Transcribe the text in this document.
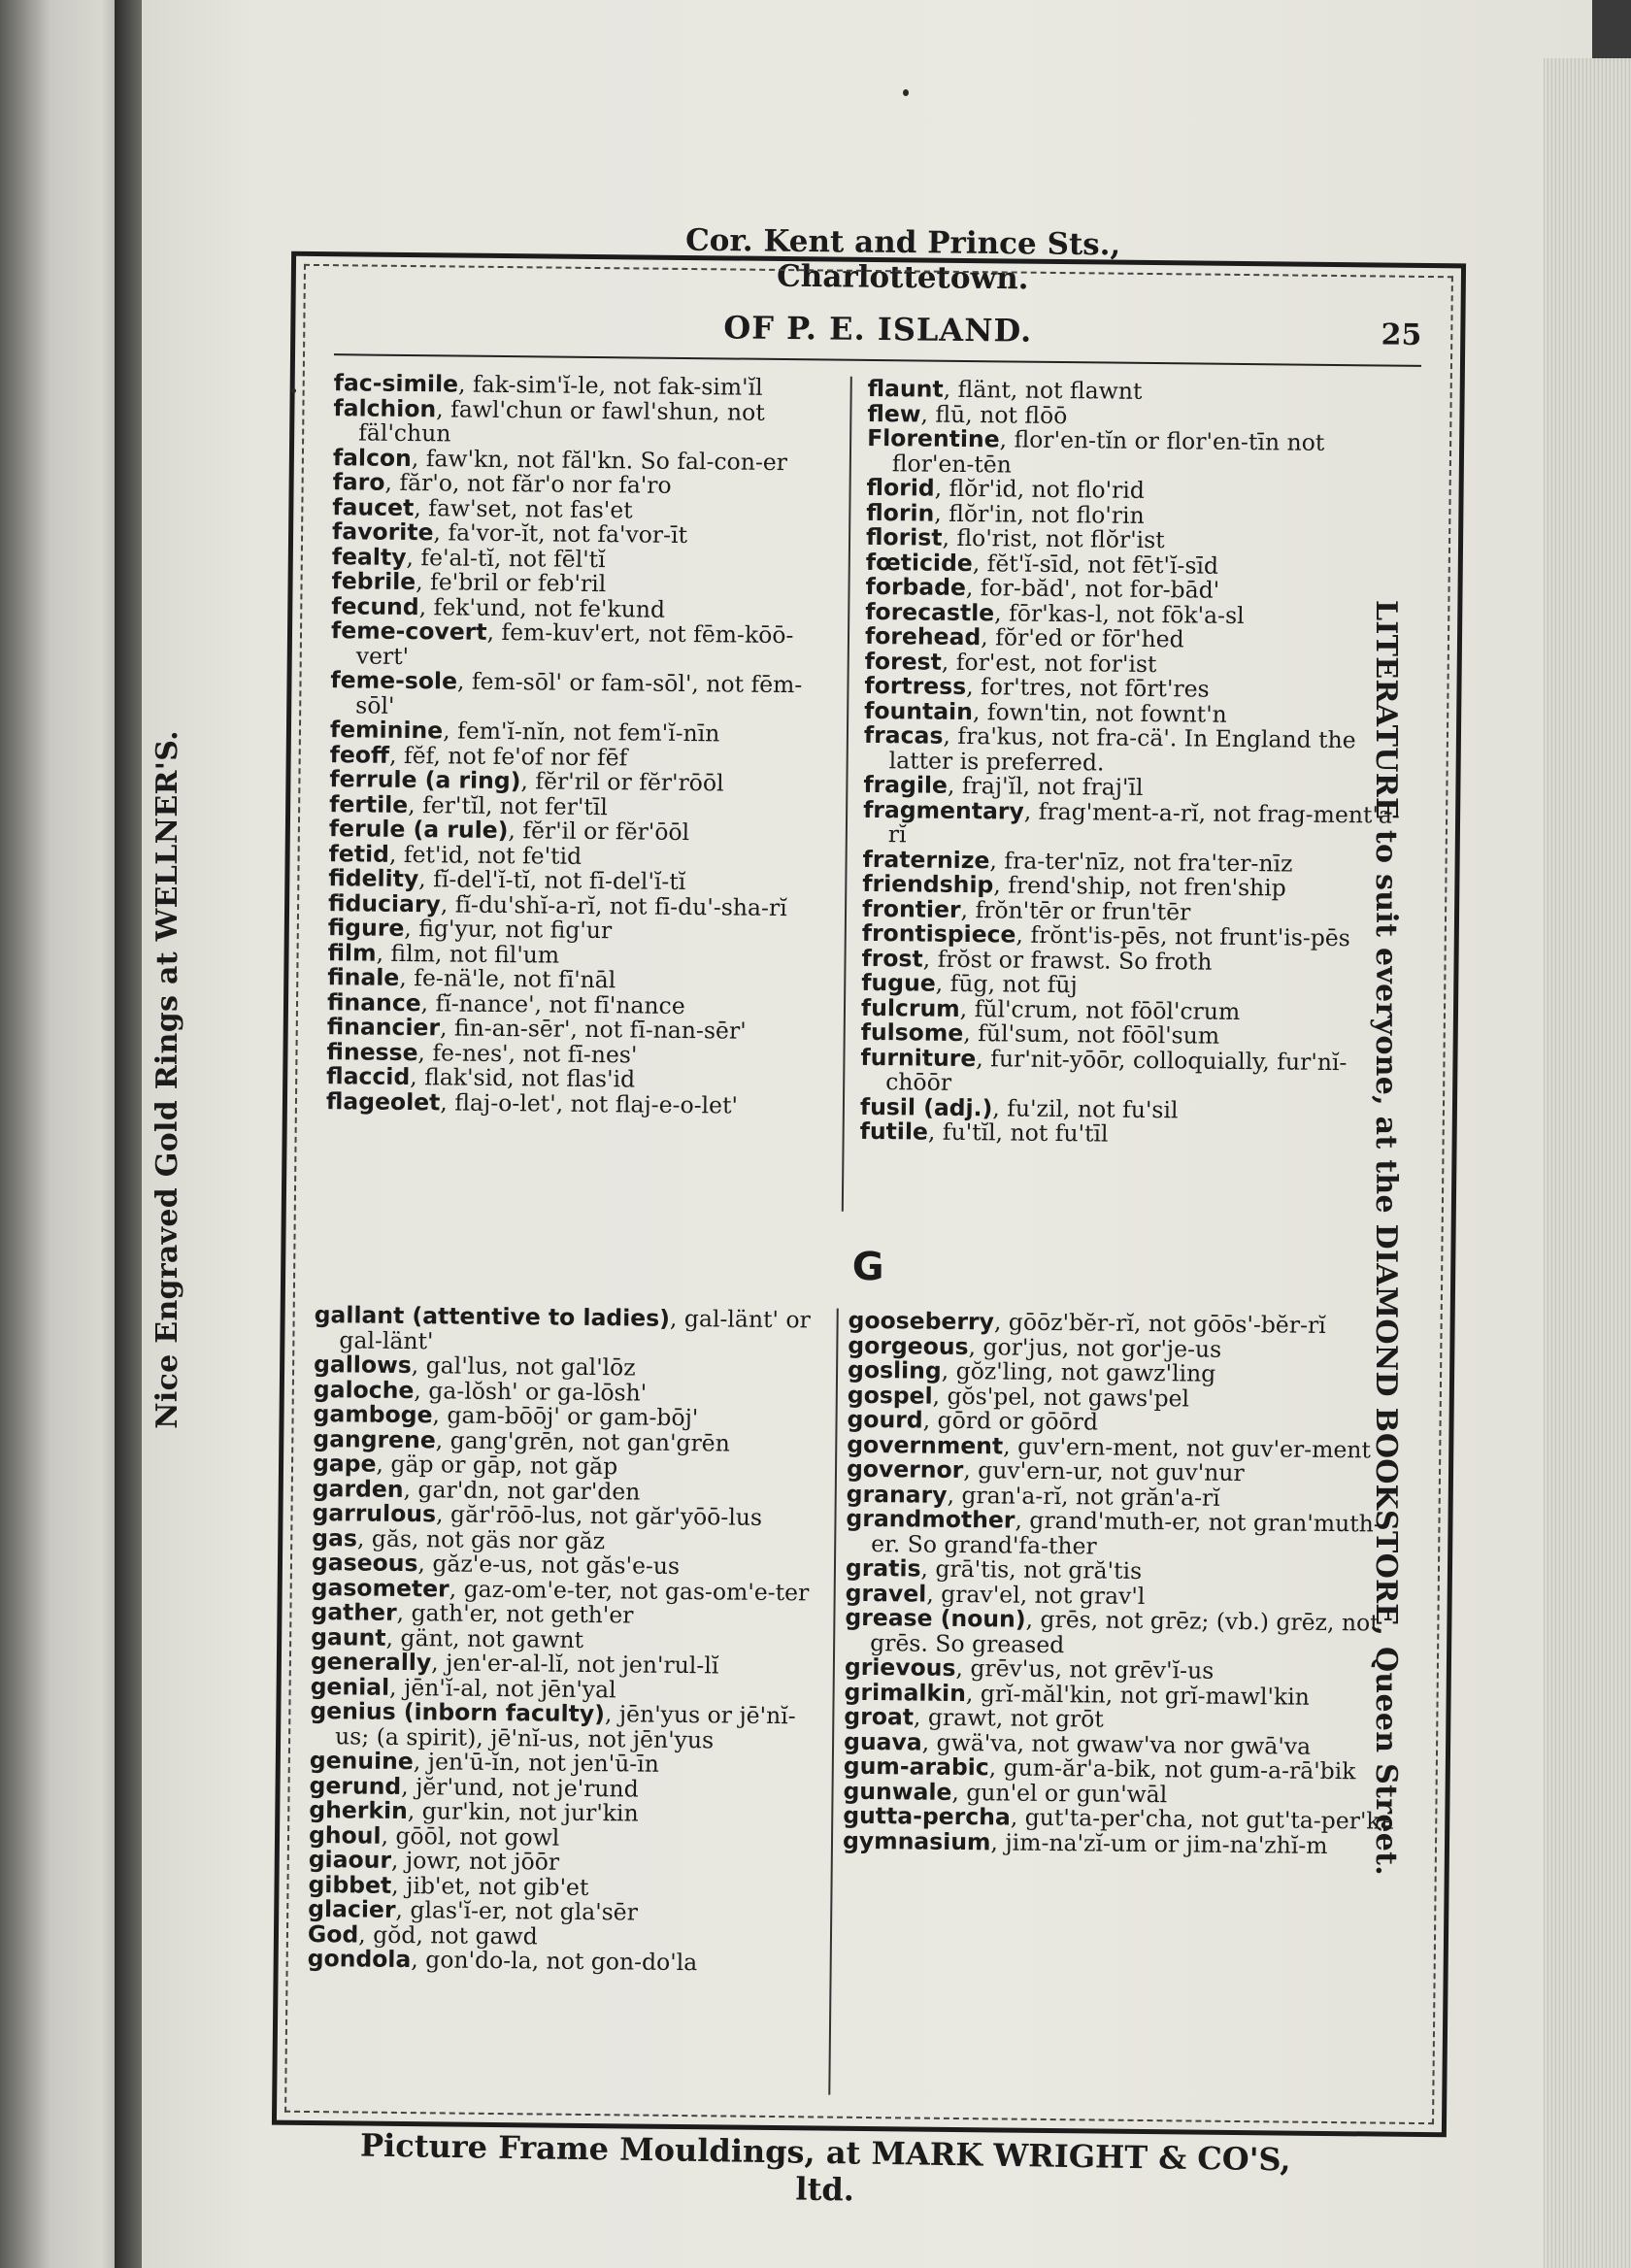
Cor. Kent and Prince Sts., Charlottetown.
Nice Engraved Gold Rings at WELLNER'S.	LITERATURE to suit everyone, at the DIAMOND BOOKSTORE, Queen Street.
Picture Frame Mouldings, at MARK WRIGHT & CO'S, ltd.
OF P. E. ISLAND.	25

fac-simile, fak-sim'ĭ-le, not fak-sim'ĭl

falchion, fawl'chun or fawl'shun, not fäl'chun

falcon, faw'kn, not făl'kn. So fal-con-er

faro, făr'o, not făr'o nor fa'ro

faucet, faw'set, not fas'et

favorite, fa'vor-ĭt, not fa'vor-īt

fealty, fe'al-tĭ, not fēl'tĭ

febrile, fe'bril or feb'ril

fecund, fek'und, not fe'kund

feme-covert, fem-kuv'ert, not fēm-kōō-vert'

feme-sole, fem-sōl' or fam-sōl', not fēm-sōl'

feminine, fem'ĭ-nĭn, not fem'ĭ-nīn

feoff, fĕf, not fe'of nor fēf

ferrule (a ring), fĕr'ril or fĕr'rōōl

fertile, fer'tĭl, not fer'tīl

ferule (a rule), fĕr'il or fĕr'ōōl

fetid, fet'id, not fe'tid

fidelity, fĭ-del'ĭ-tĭ, not fī-del'ĭ-tĭ

fiduciary, fĭ-du'shĭ-a-rĭ, not fī-du'-sha-rĭ

figure, fig'yur, not fig'ur

film, film, not fil'um

finale, fe-nä'le, not fī'nāl

finance, fĭ-nance', not fī'nance

financier, fin-an-sēr', not fī-nan-sēr'

finesse, fe-nes', not fī-nes'

flaccid, flak'sid, not flas'id

flageolet, flaj-o-let', not flaj-e-o-let'

flaunt, flänt, not flawnt

flew, flū, not flōō

Florentine, flor'en-tĭn or flor'en-tīn not flor'en-tēn

florid, flŏr'id, not flo'rid

florin, flŏr'in, not flo'rin

florist, flo'rist, not flŏr'ist

fœticide, fĕt'ĭ-sīd, not fēt'ĭ-sīd

forbade, for-băd', not for-bād'

forecastle, fōr'kas-l, not fōk'a-sl

forehead, fŏr'ed or fōr'hed

forest, for'est, not for'ist

fortress, for'tres, not fōrt'res

fountain, fown'tin, not fownt'n

fracas, fra'kus, not fra-cä'. In England the latter is preferred.

fragile, fraj'ĭl, not fraj'īl

fragmentary, frag'ment-a-rĭ, not frag-ment'a-rĭ

fraternize, fra-ter'nīz, not fra'ter-nīz

friendship, frend'ship, not fren'ship

frontier, frŏn'tēr or frun'tēr

frontispiece, frŏnt'is-pēs, not frunt'is-pēs

frost, frŏst or frawst. So froth

fugue, fūg, not fūj

fulcrum, fŭl'crum, not fōōl'crum

fulsome, fŭl'sum, not fōōl'sum

furniture, fur'nit-yōōr, colloquially, fur'nĭ-chōōr

fusil (adj.), fu'zil, not fu'sil

futile, fu'tĭl, not fu'tīl

G

gallant (attentive to ladies), gal-länt' or gal-länt'

gallows, gal'lus, not gal'lōz

galoche, ga-lŏsh' or ga-lōsh'

gamboge, gam-bōōj' or gam-bōj'

gangrene, gang'grēn, not gan'grēn

gape, gäp or gāp, not găp

garden, gar'dn, not gar'den

garrulous, găr'rōō-lus, not găr'yōō-lus

gas, găs, not gäs nor găz

gaseous, găz'e-us, not găs'e-us

gasometer, gaz-om'e-ter, not gas-om'e-ter

gather, gath'er, not geth'er

gaunt, gänt, not gawnt

generally, jen'er-al-lĭ, not jen'rul-lĭ

genial, jēn'ĭ-al, not jēn'yal

genius (inborn faculty), jēn'yus or jē'nĭ-us; (a spirit), jē'nĭ-us, not jēn'yus

genuine, jen'ū-ĭn, not jen'ū-īn

gerund, jĕr'und, not je'rund

gherkin, gur'kin, not jur'kin

ghoul, gōōl, not gowl

giaour, jowr, not jōōr

gibbet, jib'et, not gib'et

glacier, glas'ĭ-er, not gla'sēr

God, gŏd, not gawd

gondola, gon'do-la, not gon-do'la

gooseberry, gōōz'bĕr-rĭ, not gōōs'-bĕr-rĭ

gorgeous, gor'jus, not gor'je-us

gosling, gŏz'ling, not gawz'ling

gospel, gŏs'pel, not gaws'pel

gourd, gōrd or gōōrd

government, guv'ern-ment, not guv'er-ment

governor, guv'ern-ur, not guv'nur

granary, gran'a-rĭ, not grăn'a-rĭ

grandmother, grand'muth-er, not gran'muth-er. So grand'fa-ther

gratis, grā'tis, not gră'tis

gravel, grav'el, not grav'l

grease (noun), grēs, not grēz; (vb.) grēz, not grēs. So greased

grievous, grēv'us, not grēv'ĭ-us

grimalkin, grĭ-măl'kin, not grĭ-mawl'kin

groat, grawt, not grōt

guava, gwä'va, not gwaw'va nor gwā'va

gum-arabic, gum-ăr'a-bik, not gum-a-rā'bik

gunwale, gun'el or gun'wāl

gutta-percha, gut'ta-per'cha, not gut'ta-per'ka

gymnasium, jim-na'zĭ-um or jim-na'zhĭ-m
